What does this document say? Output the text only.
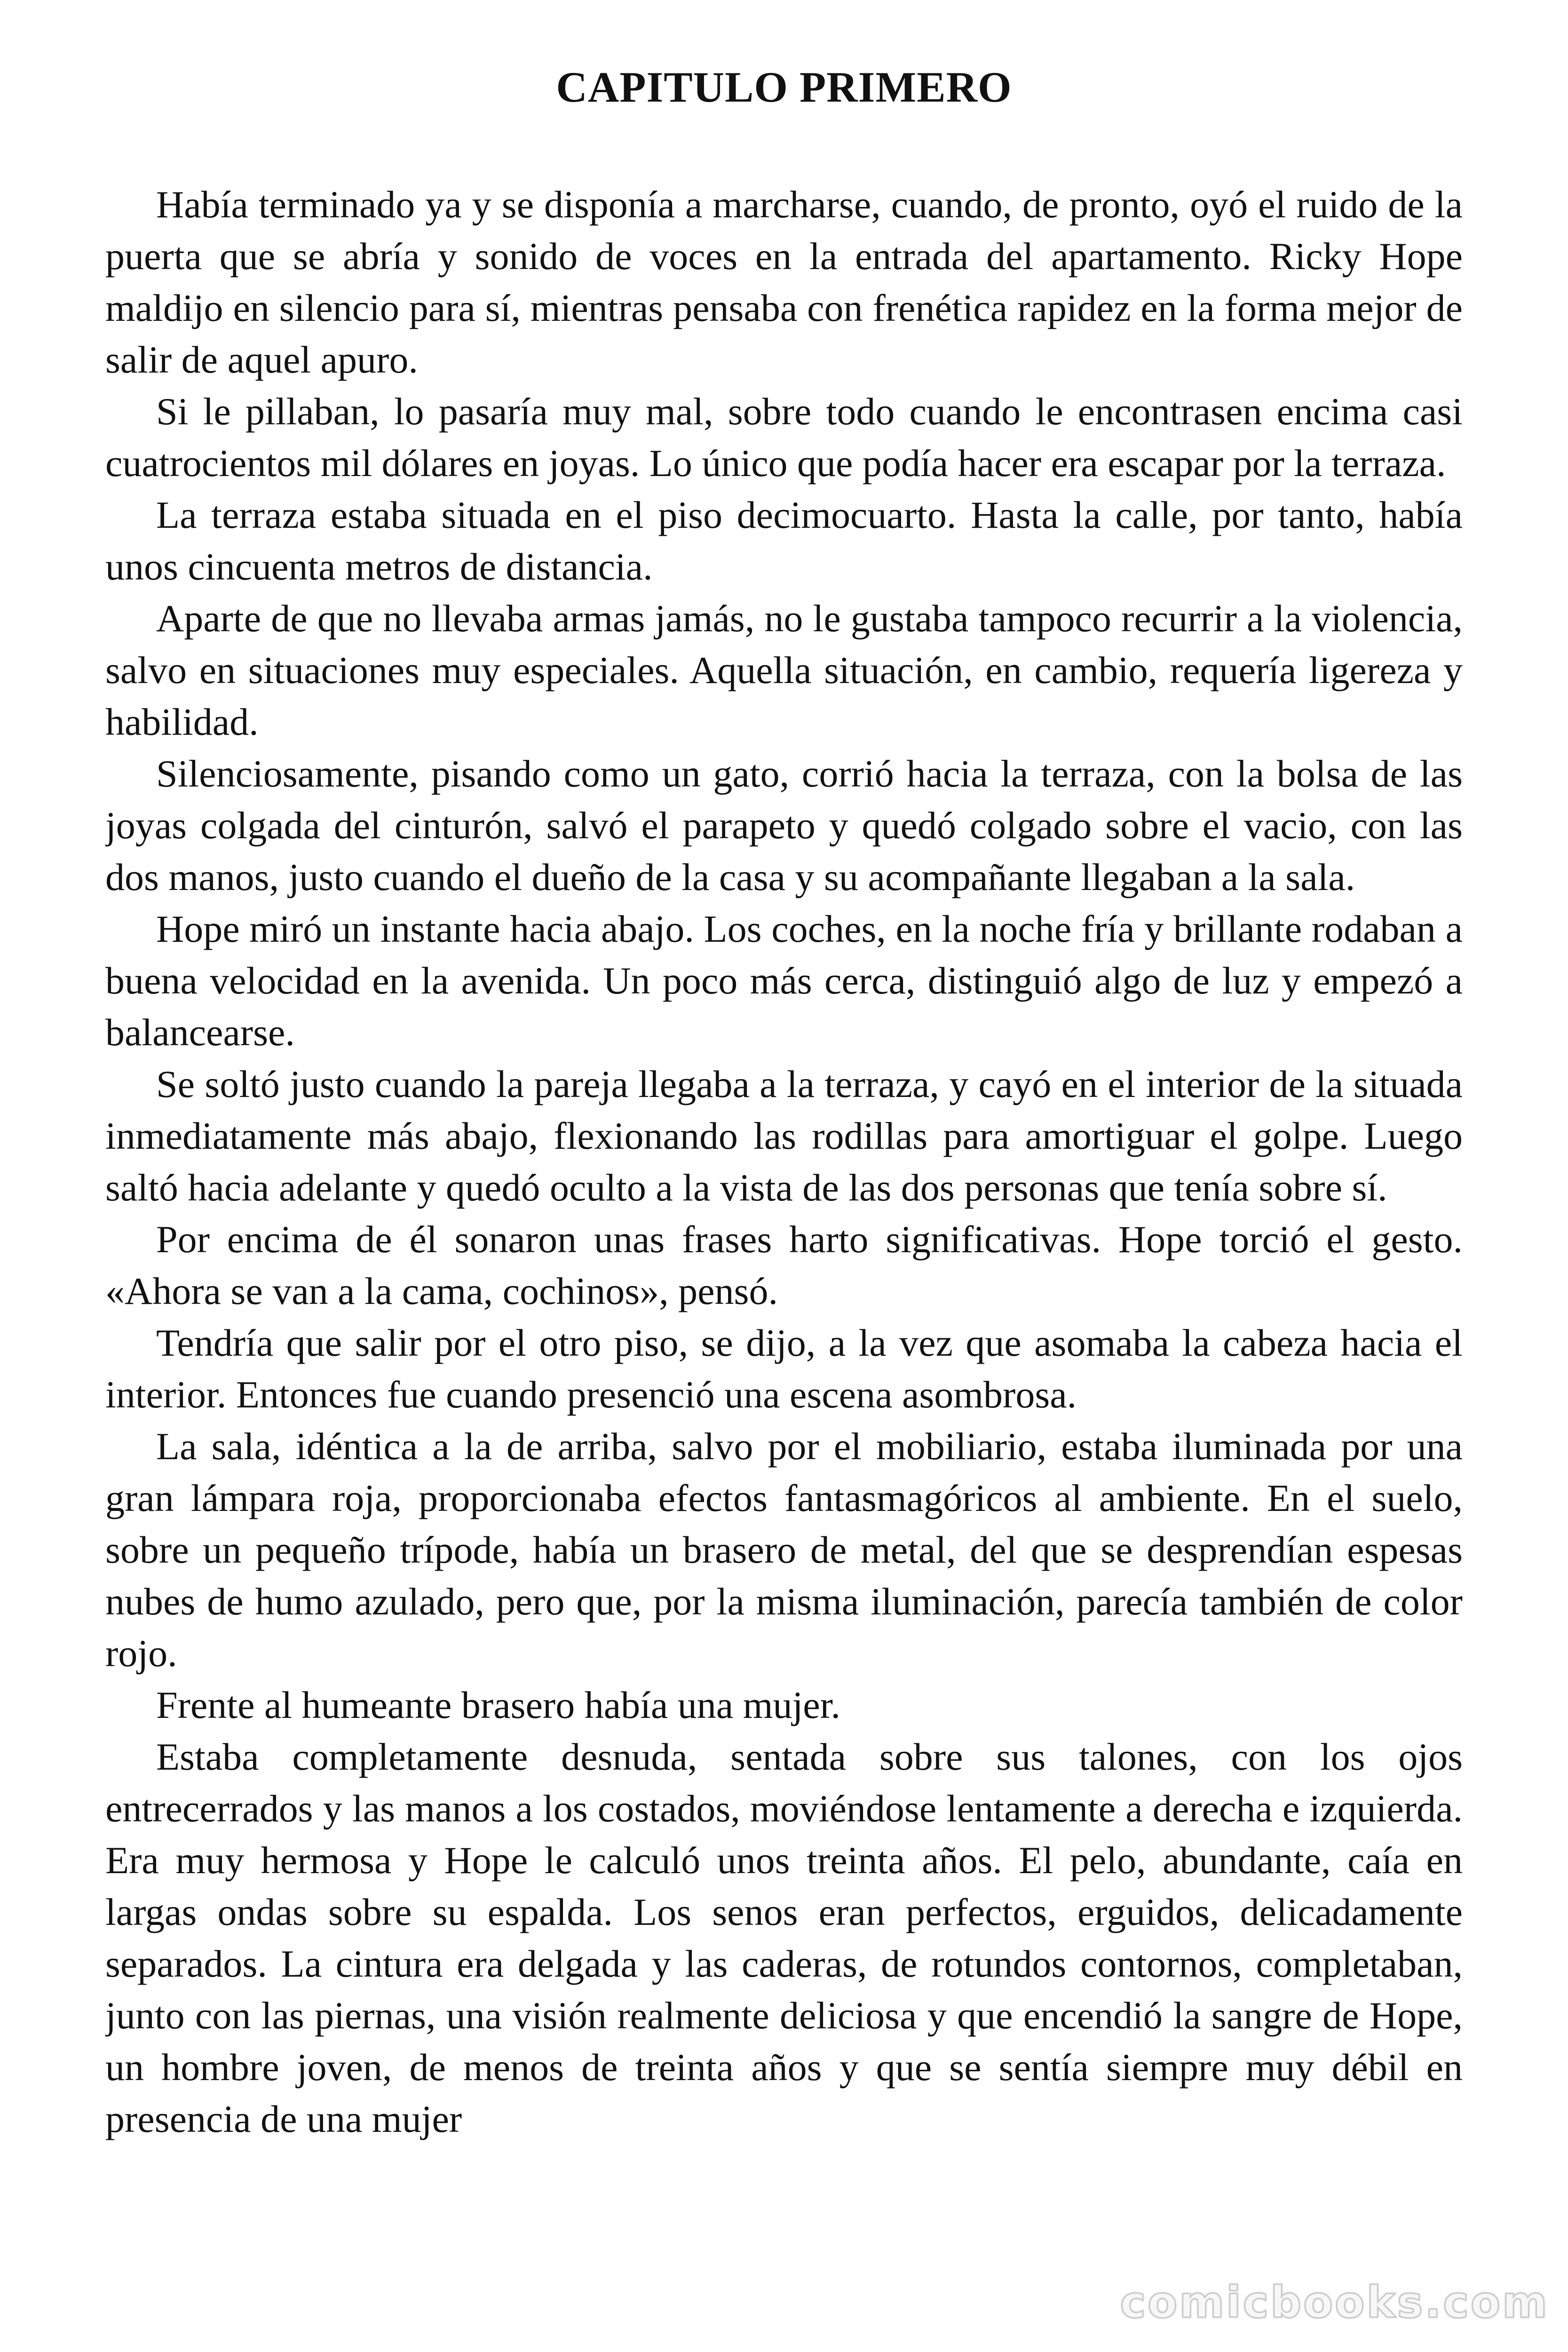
CAPITULO PRIMERO

Había terminado ya y se disponía a marcharse, cuando, de pronto, oyó el ruido de la puerta que se abría y sonido de voces en la entrada del apartamento. Ricky Hope maldijo en silencio para sí, mientras pensaba con frenética rapidez en la forma mejor de salir de aquel apuro.

Si le pillaban, lo pasaría muy mal, sobre todo cuando le encontrasen encima casi cuatrocientos mil dólares en joyas. Lo único que podía hacer era escapar por la terraza.

La terraza estaba situada en el piso decimocuarto. Hasta la calle, por tanto, había unos cincuenta metros de distancia.

Aparte de que no llevaba armas jamás, no le gustaba tampoco recurrir a la violencia, salvo en situaciones muy especiales. Aquella situación, en cambio, requería ligereza y habilidad.

Silenciosamente, pisando como un gato, corrió hacia la terraza, con la bolsa de las joyas colgada del cinturón, salvó el parapeto y quedó colgado sobre el vacio, con las dos manos, justo cuando el dueño de la casa y su acompañante llegaban a la sala.

Hope miró un instante hacia abajo. Los coches, en la noche fría y brillante rodaban a buena velocidad en la avenida. Un poco más cerca, distinguió algo de luz y empezó a balancearse.

Se soltó justo cuando la pareja llegaba a la terraza, y cayó en el interior de la situada inmediatamente más abajo, flexionando las rodillas para amortiguar el golpe. Luego saltó hacia adelante y quedó oculto a la vista de las dos personas que tenía sobre sí.

Por encima de él sonaron unas frases harto significativas. Hope torció el gesto. «Ahora se van a la cama, cochinos», pensó.

Tendría que salir por el otro piso, se dijo, a la vez que asomaba la cabeza hacia el interior. Entonces fue cuando presenció una escena asombrosa.

La sala, idéntica a la de arriba, salvo por el mobiliario, estaba iluminada por una gran lámpara roja, proporcionaba efectos fantasmagóricos al ambiente. En el suelo, sobre un pequeño trípode, había un brasero de metal, del que se desprendían espesas nubes de humo azulado, pero que, por la misma iluminación, parecía también de color rojo.

Frente al humeante brasero había una mujer.

Estaba completamente desnuda, sentada sobre sus talones, con los ojos entrecerrados y las manos a los costados, moviéndose lentamente a derecha e izquierda. Era muy hermosa y Hope le calculó unos treinta años. El pelo, abundante, caía en largas ondas sobre su espalda. Los senos eran perfectos, erguidos, delicadamente separados. La cintura era delgada y las caderas, de rotundos contornos, completaban, junto con las piernas, una visión realmente deliciosa y que encendió la sangre de Hope, un hombre joven, de menos de treinta años y que se sentía siempre muy débil en presencia de una mujer

comicbooks.com
